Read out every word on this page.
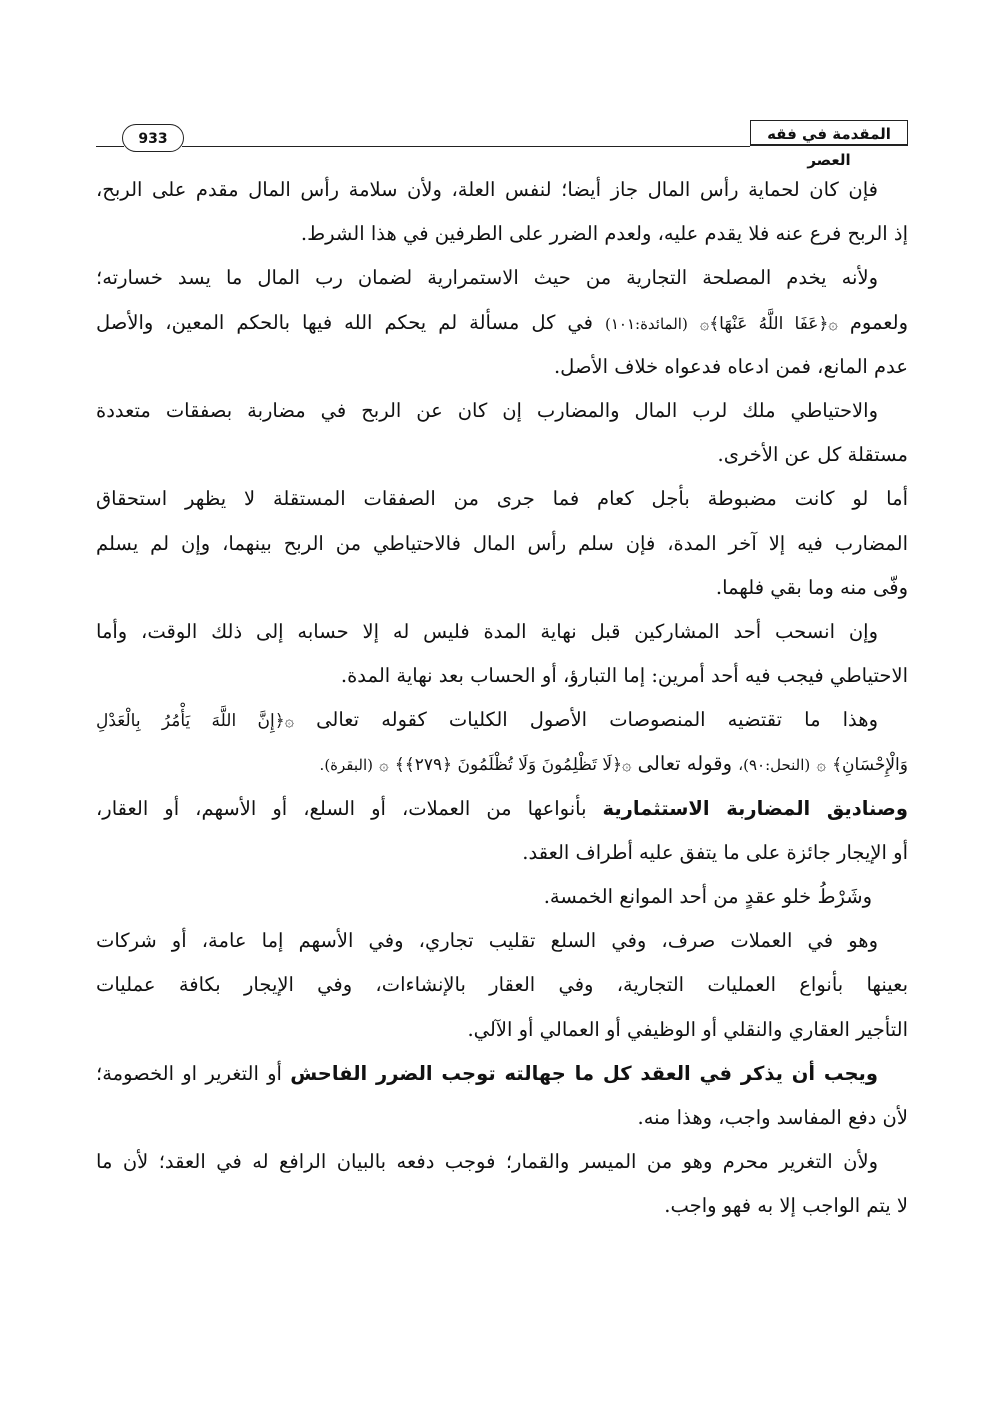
المقدمة في فقه العصر
933
فإن كان لحماية رأس المال جاز أيضا؛ لنفس العلة، ولأن سلامة رأس المال مقدم على الربح،
إذ الربح فرع عنه فلا يقدم عليه، ولعدم الضرر على الطرفين في هذا الشرط.
ولأنه يخدم المصلحة التجارية من حيث الاستمرارية لضمان رب المال ما يسد خسارته؛
ولعموم ۞﴿عَفَا اللَّهُ عَنْهَا﴾۞ (المائدة:١٠١) في كل مسألة لم يحكم الله فيها بالحكم المعين، والأصل
عدم المانع، فمن ادعاه فدعواه خلاف الأصل.
والاحتياطي ملك لرب المال والمضارب إن كان عن الربح في مضاربة بصفقات متعددة
مستقلة كل عن الأخرى.
أما لو كانت مضبوطة بأجل كعام فما جرى من الصفقات المستقلة لا يظهر استحقاق
المضارب فيه إلا آخر المدة، فإن سلم رأس المال فالاحتياطي من الربح بينهما، وإن لم يسلم
وفّى منه وما بقي فلهما.
وإن انسحب أحد المشاركين قبل نهاية المدة فليس له إلا حسابه إلى ذلك الوقت، وأما
الاحتياطي فيجب فيه أحد أمرين: إما التبارؤ، أو الحساب بعد نهاية المدة.
وهذا ما تقتضيه المنصوصات الأصول الكليات كقوله تعالى ۞﴿إِنَّ اللَّهَ يَأْمُرُ بِالْعَدْلِ
وَالْإِحْسَانِ﴾ ۞ (النحل:٩٠)، وقوله تعالى ۞﴿لَا تَظْلِمُونَ وَلَا تُظْلَمُونَ ﴿٢٧٩﴾﴾ ۞ (البقرة).
وصناديق المضاربة الاستثمارية بأنواعها من العملات، أو السلع، أو الأسهم، أو العقار،
أو الإيجار جائزة على ما يتفق عليه أطراف العقد.
وشَرْطُ خلو عقدٍ من أحد الموانع الخمسة.
وهو في العملات صرف، وفي السلع تقليب تجاري، وفي الأسهم إما عامة، أو شركات
بعينها بأنواع العمليات التجارية، وفي العقار بالإنشاءات، وفي الإيجار بكافة عمليات
التأجير العقاري والنقلي أو الوظيفي أو العمالي أو الآلي.
ويجب أن يذكر في العقد كل ما جهالته توجب الضرر الفاحش أو التغرير او الخصومة؛
لأن دفع المفاسد واجب، وهذا منه.
ولأن التغرير محرم وهو من الميسر والقمار؛ فوجب دفعه بالبيان الرافع له في العقد؛ لأن ما
لا يتم الواجب إلا به فهو واجب.
